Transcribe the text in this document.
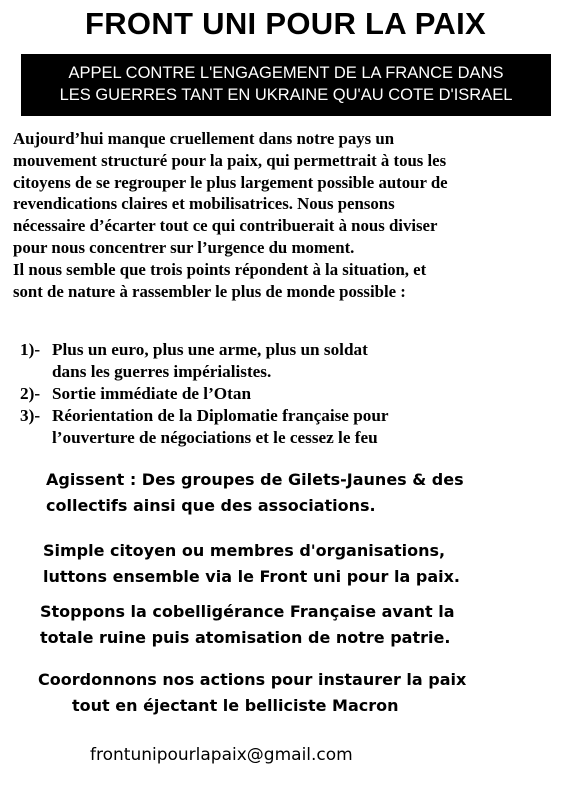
FRONT UNI POUR LA PAIX
APPEL CONTRE L'ENGAGEMENT DE LA FRANCE DANS
LES GUERRES TANT EN UKRAINE QU'AU COTE D'ISRAEL
Aujourd’hui manque cruellement dans notre pays un
mouvement structuré pour la paix, qui permettrait à tous les
citoyens de se regrouper le plus largement possible autour de
revendications claires et mobilisatrices. Nous pensons
nécessaire d’écarter tout ce qui contribuerait à nous diviser
pour nous concentrer sur l’urgence du moment.
Il nous semble que trois points répondent à la situation, et
sont de nature à rassembler le plus de monde possible :
1)- Plus un euro, plus une arme, plus un soldat
dans les guerres impérialistes.
2)- Sortie immédiate de l’Otan
3)- Réorientation de la Diplomatie française pour
l’ouverture de négociations et le cessez le feu
Agissent : Des groupes de Gilets-Jaunes & des
collectifs ainsi que des associations.
Simple citoyen ou membres d'organisations,
luttons ensemble via le Front uni pour la paix.
Stoppons la cobelligérance Française avant la
totale ruine puis atomisation de notre patrie.
Coordonnons nos actions pour instaurer la paix
tout en éjectant le belliciste Macron
frontunipourlapaix@gmail.com
